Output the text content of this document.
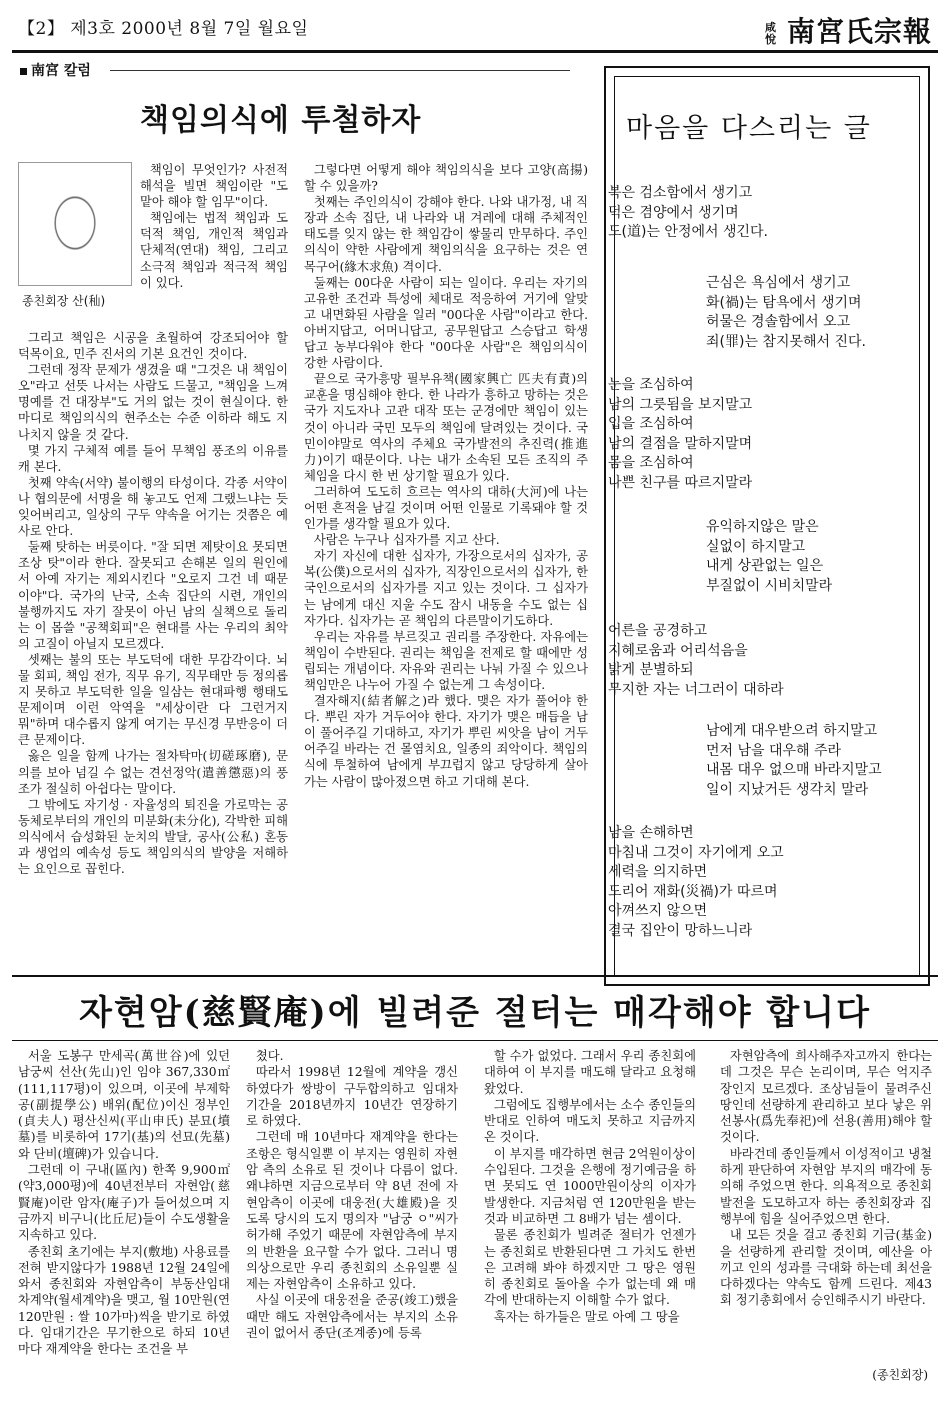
【2】 제3호 2000년 8월 7일 월요일	咸悅 南宮氏宗報
南宮 칼럼
책임의식에 투철하자
종친회장 산(秈)

책임이 무엇인가? 사전적 해석을 빌면 책임이란 "도맡아 해야 할 임무"이다.

책임에는 법적 책임과 도덕적 책임, 개인적 책임과 단체적(연대) 책임, 그리고 소극적 책임과 적극적 책임이 있다.

그리고 책임은 시공을 초월하여 강조되어야 할 덕목이요, 민주 진서의 기본 요건인 것이다.

그런데 정작 문제가 생겼을 때 "그것은 내 책임이오"라고 선뜻 나서는 사람도 드물고, "책임을 느껴 명예를 건 대장부"도 거의 없는 것이 현실이다. 한마디로 책임의식의 현주소는 수준 이하라 해도 지나치지 않을 것 같다.

몇 가지 구체적 예를 들어 무책임 풍조의 이유를 캐 본다.

첫째 약속(서약) 불이행의 타성이다. 각종 서약이나 협의문에 서명을 해 놓고도 언제 그랬느냐는 듯 잊어버리고, 일상의 구두 약속을 어기는 것쯤은 예사로 안다.

둘째 탓하는 버릇이다. "잘 되면 제탓이요 못되면 조상 탓"이라 한다. 잘못되고 손해본 일의 원인에서 아예 자기는 제외시킨다 "오로지 그건 네 때문이야"다. 국가의 난국, 소속 집단의 시련, 개인의 불행까지도 자기 잘못이 아닌 남의 실책으로 돌리는 이 몹쓸 "공책회피"은 현대를 사는 우리의 최악의 고질이 아닐지 모르겠다.

셋째는 불의 또는 부도덕에 대한 무감각이다. 뇌물 회피, 책임 전가, 직무 유기, 직무태만 등 정의롭지 못하고 부도덕한 일을 일삼는 현대파행 행태도 문제이며 이런 악역을 "세상이란 다 그런거지 뭐"하며 대수롭지 않게 여기는 무신경 무반응이 더 큰 문제이다.

옳은 일을 함께 나가는 절차탁마(切磋琢磨), 문의를 보아 넘길 수 없는 견선정악(遣善懲惡)의 풍조가 절실히 아쉽다는 말이다.

그 밖에도 자기성 · 자율성의 퇴진을 가로막는 공동체로부터의 개인의 미분화(未分化), 각박한 피해의식에서 습성화된 눈치의 발달, 공사(公私) 혼동과 생업의 예속성 등도 책임의식의 발양을 저해하는 요인으로 꼽힌다.

그렇다면 어떻게 해야 책임의식을 보다 고양(高揚)할 수 있을까?

첫째는 주인의식이 강해야 한다. 나와 내가정, 내 직장과 소속 집단, 내 나라와 내 겨레에 대해 주체적인 태도를 잊지 않는 한 책임감이 쌓물리 만무하다. 주인의식이 약한 사람에게 책임의식을 요구하는 것은 연목구어(緣木求魚) 격이다.

둘째는 00다운 사람이 되는 일이다. 우리는 자기의 고유한 조건과 특성에 체대로 적응하여 거기에 알맞고 내면화된 사람을 일러 "00다운 사람"이라고 한다. 아버지답고, 어머니답고, 공무원답고 스승답고 학생답고 농부다워야 한다 "00다운 사람"은 책임의식이 강한 사람이다.

끝으로 국가흥망 필부유책(國家興亡 匹夫有責)의 교훈을 명심해야 한다. 한 나라가 흥하고 망하는 것은 국가 지도자나 고관 대작 또는 군경에만 책임이 있는 것이 아니라 국민 모두의 책임에 달려있는 것이다. 국민이야말로 역사의 주체요 국가발전의 추진력(推進力)이기 때문이다. 나는 내가 소속된 모든 조직의 주체임을 다시 한 번 상기할 필요가 있다.

그러하여 도도히 흐르는 역사의 대하(大河)에 나는 어떤 흔적을 남길 것이며 어떤 인물로 기록돼야 할 것인가를 생각할 필요가 있다.

사람은 누구나 십자가를 지고 산다.

자기 자신에 대한 십자가, 가장으로서의 십자가, 공복(公僕)으로서의 십자가, 직장인으로서의 십자가, 한국인으로서의 십자가를 지고 있는 것이다. 그 십자가는 남에게 대신 지울 수도 잠시 내동을 수도 없는 십자가다. 십자가는 곧 책임의 다른말이기도하다.

우리는 자유를 부르짖고 권리를 주장한다. 자유에는 책임이 수반된다. 권리는 책임을 전제로 할 때에만 성립되는 개념이다. 자유와 권리는 나눠 가질 수 있으나 책임만은 나누어 가질 수 없는게 그 속성이다.

결자해지(結者解之)라 했다. 맺은 자가 풀어야 한다. 뿌린 자가 거두어야 한다. 자기가 맺은 매듭을 남이 풀어주길 기대하고, 자기가 뿌린 씨앗을 남이 거두어주길 바라는 건 몰염치요, 일종의 죄악이다. 책임의식에 투철하여 남에게 부끄럽지 않고 당당하게 살아가는 사람이 많아졌으면 하고 기대해 본다.

마음을 다스리는 글
복은 검소함에서 생기고
덕은 겸양에서 생기며
도(道)는 안정에서 생긴다.
근심은 욕심에서 생기고
화(禍)는 탐욕에서 생기며
허물은 경솔함에서 오고
죄(罪)는 참지못해서 진다.
눈을 조심하여
남의 그릇됨을 보지말고
입을 조심하여
남의 결점을 말하지말며
몸을 조심하여
나쁜 친구를 따르지말라
유익하지않은 말은
실없이 하지말고
내게 상관없는 일은
부질없이 시비치말라
어른을 공경하고
지혜로움과 어리석음을
밝게 분별하되
무지한 자는 너그러이 대하라
남에게 대우받으려 하지말고
먼저 남을 대우해 주라
내몸 대우 없으매 바라지말고
일이 지났거든 생각치 말라
남을 손해하면
마침내 그것이 자기에게 오고
세력을 의지하면
도리어 재화(災禍)가 따르며
아껴쓰지 않으면
결국 집안이 망하느니라
자현암(慈賢庵)에 빌려준 절터는 매각해야 합니다

서울 도봉구 만세곡(萬世谷)에 있던 남궁씨 선산(先山)인 임야 367,330㎡(111,117평)이 있으며, 이곳에 부제학공(副提學公) 배위(配位)이신 정부인(貞夫人) 평산신씨(平山申氏) 분묘(墳墓)를 비롯하여 17기(基)의 선묘(先墓)와 단비(壇碑)가 있습니다.

그런데 이 구내(區內) 한쪽 9,900㎡(약3,000평)에 40년전부터 자현암(慈賢庵)이란 암자(庵子)가 들어섰으며 지금까지 비구니(比丘尼)들이 수도생활을 지속하고 있다.

종친회 초기에는 부지(敷地) 사용료를 전혀 받지않다가 1988년 12월 24일에 와서 종친회와 자현암측이 부동산임대차계약(월세계약)을 맺고, 월 10만원(연 120만원 : 쌀 10가마)씩을 받기로 하였다. 임대기간은 무기한으로 하되 10년마다 재계약을 한다는 조건을 부

쳤다.

따라서 1998년 12월에 계약을 갱신하였다가 쌍방이 구두합의하고 임대차기간을 2018년까지 10년간 연장하기로 하였다.

그런데 매 10년마다 재계약을 한다는 조항은 형식일뿐 이 부지는 영원히 자현암 측의 소유로 된 것이나 다름이 없다. 왜냐하면 지금으로부터 약 8년 전에 자현암측이 이곳에 대웅전(大雄殿)을 짓도록 당시의 도지 명의자 "남궁 ㅇ"씨가 허가해 주었기 때문에 자현암측에 부지의 반환을 요구할 수가 없다. 그러니 명의상으로만 우리 종친회의 소유일뿐 실제는 자현암측이 소유하고 있다.

사실 이곳에 대웅전을 준공(竣工)했을 때만 해도 자현암측에서는 부지의 소유권이 없어서 종단(조계종)에 등록

할 수가 없었다. 그래서 우리 종친회에 대하여 이 부지를 매도해 달라고 요청해 왔었다.

그럼에도 집행부에서는 소수 종인들의 반대로 인하여 매도치 못하고 지금까지 온 것이다.

이 부지를 매각하면 현금 2억원이상이 수입된다. 그것을 은행에 정기예금을 하면 못되도 연 1000만원이상의 이자가 발생한다. 지금처럼 연 120만원을 받는 것과 비교하면 그 8배가 넘는 셈이다.

물론 종친회가 빌려준 절터가 언젠가는 종친회로 반환된다면 그 가치도 한번은 고려해 봐야 하겠지만 그 땅은 영원히 종친회로 돌아올 수가 없는데 왜 매각에 반대하는지 이해할 수가 없다.

혹자는 하가들은 말로 아예 그 땅을

자현암측에 희사해주자고까지 한다는데 그것은 무슨 논리이며, 무슨 억지주장인지 모르겠다. 조상님들이 물려주신 땅인데 선량하게 관리하고 보다 낳은 위선봉사(爲先奉祀)에 선용(善用)해야 할 것이다.

바라건데 종인들께서 이성적이고 냉철하게 판단하여 자현암 부지의 매각에 동의해 주었으면 한다. 의욕적으로 종친회 발전을 도모하고자 하는 종친회장과 집행부에 힘을 실어주었으면 한다.

내 모든 것을 걸고 종친회 기금(基金)을 선량하게 관리할 것이며, 예산을 아끼고 인의 성과를 극대화 하는데 최선을 다하겠다는 약속도 함께 드린다. 제43회 정기총회에서 승인해주시기 바란다.

(종친회장)
